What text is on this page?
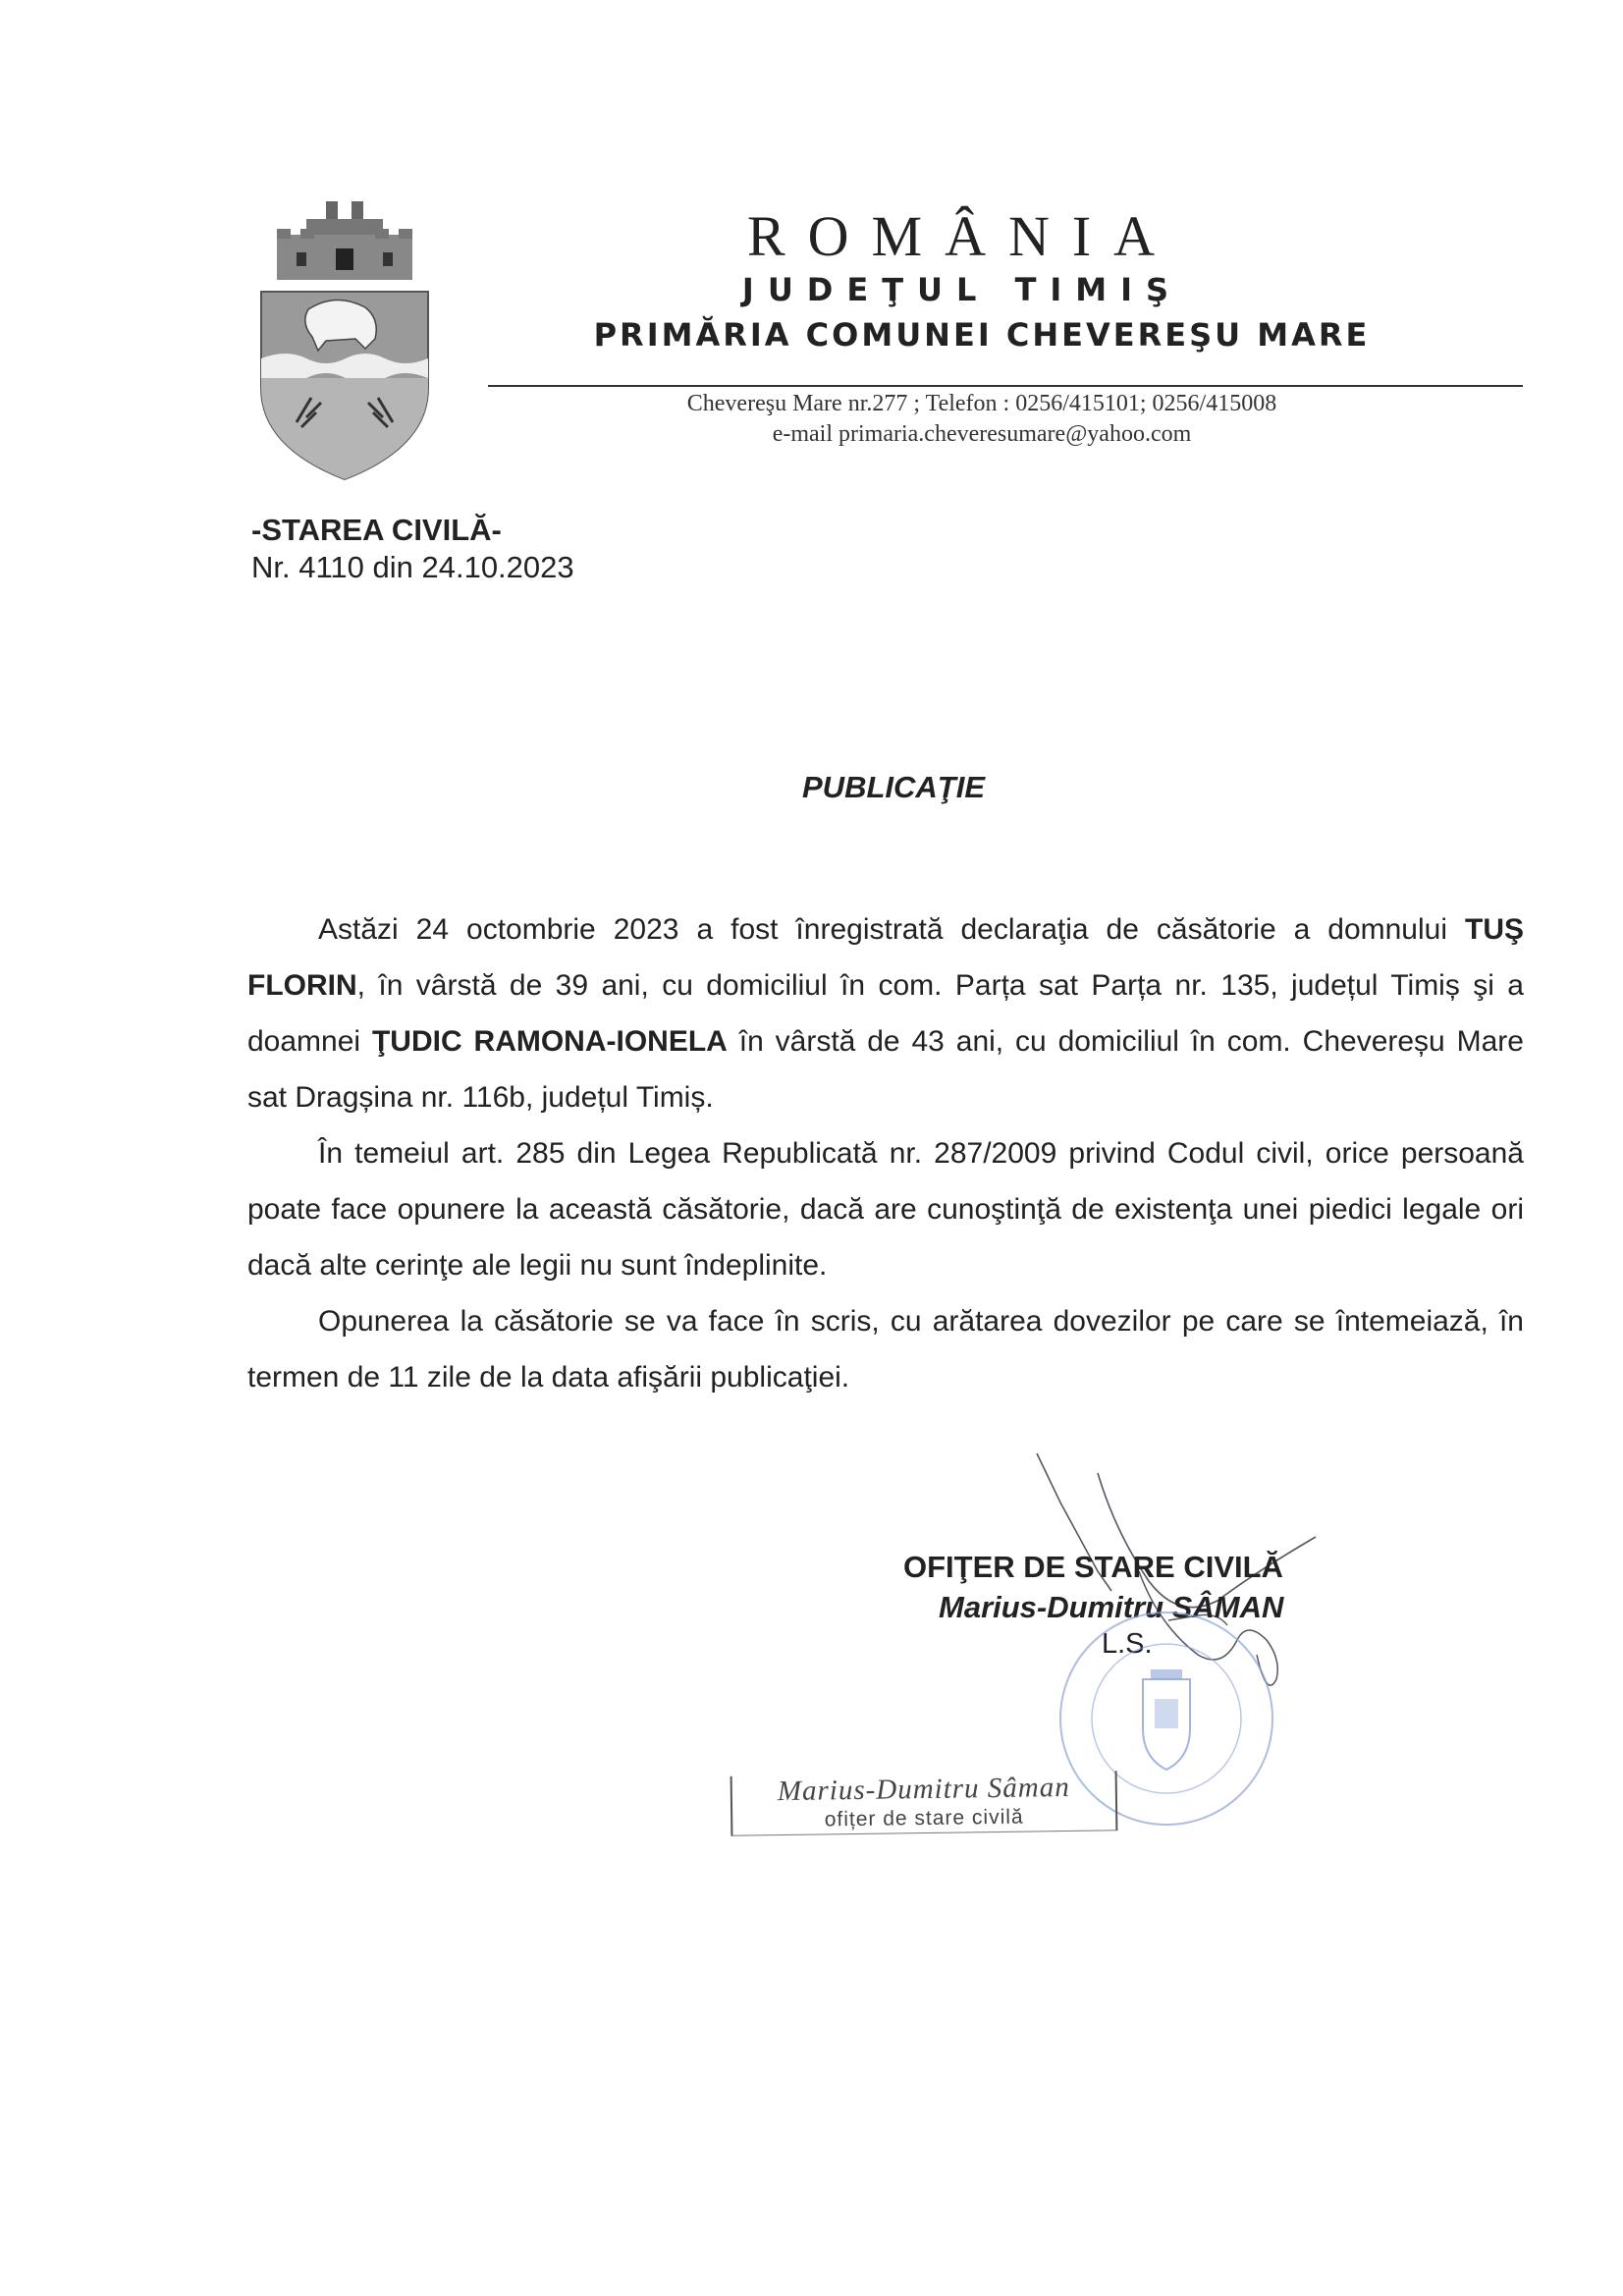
ROMÂNIA
JUDEŢUL TIMIŞ
PRIMĂRIA COMUNEI CHEVEREŞU MARE
Chevereşu Mare nr.277 ; Telefon : 0256/415101; 0256/415008
e-mail primaria.cheveresumare@yahoo.com
-STAREA CIVILĂ-
Nr. 4110 din 24.10.2023
PUBLICAŢIE

Astăzi 24 octombrie 2023 a fost înregistrată declaraţia de căsătorie a domnului TUŞ FLORIN, în vârstă de 39 ani, cu domiciliul în com. Parța sat Parța nr. 135, județul Timiș şi a doamnei ŢUDIC RAMONA-IONELA în vârstă de 43 ani, cu domiciliul în com. Chevereșu Mare sat Dragșina nr. 116b, județul Timiș.

În temeiul art. 285 din Legea Republicată nr. 287/2009 privind Codul civil, orice persoană poate face opunere la această căsătorie, dacă are cunoştinţă de existenţa unei piedici legale ori dacă alte cerinţe ale legii nu sunt îndeplinite.

Opunerea la căsătorie se va face în scris, cu arătarea dovezilor pe care se întemeiază, în termen de 11 zile de la data afişării publicaţiei.

OFIŢER DE STARE CIVILĂ
Marius-Dumitru SÂMAN
L.S.
Marius-Dumitru Sâman
ofițer de stare civilă
